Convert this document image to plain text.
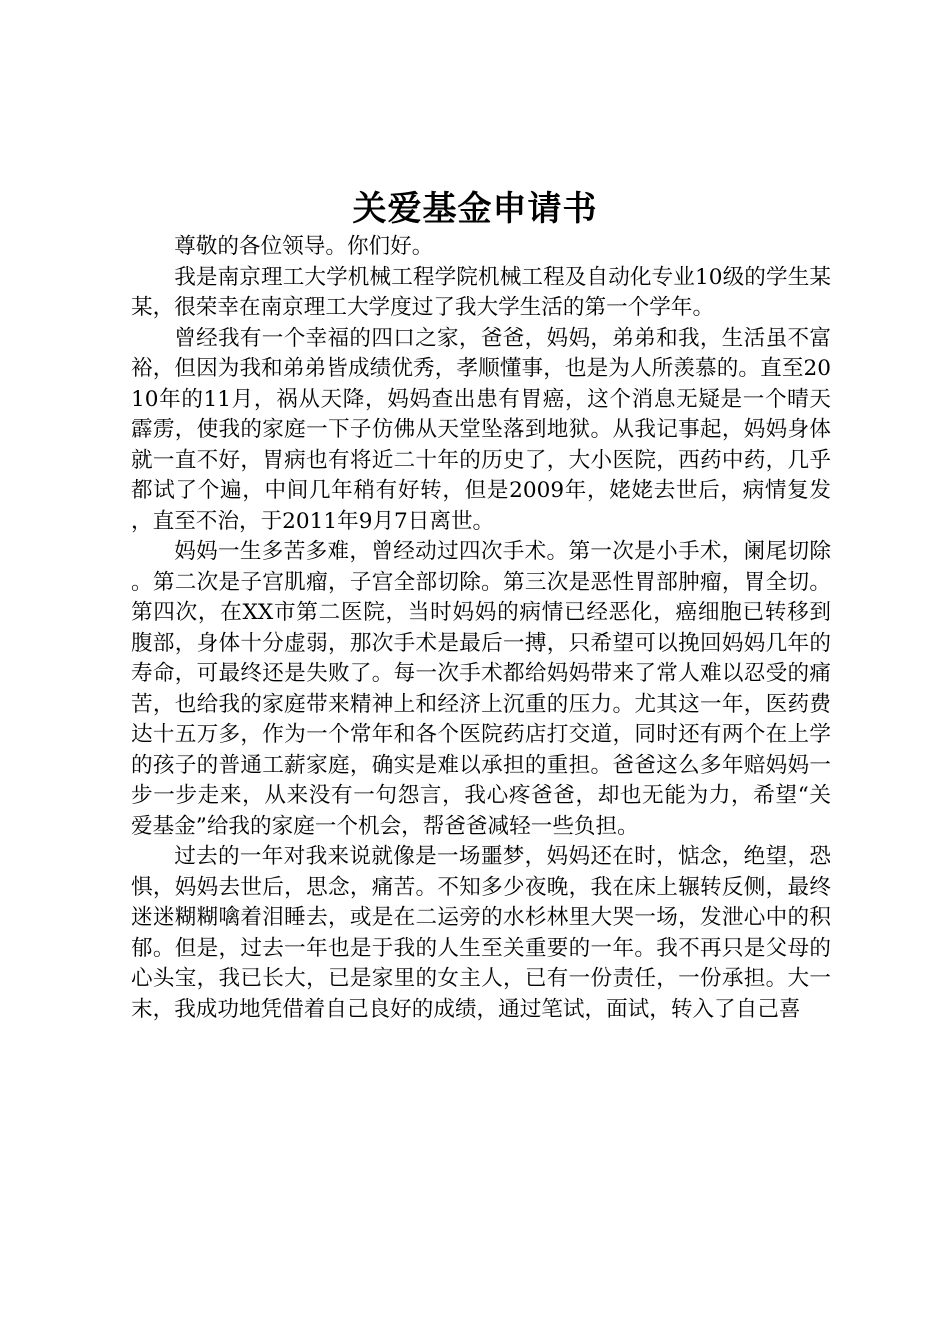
关爱基金申请书

尊敬的各位领导。你们好。

我是南京理工大学机械工程学院机械工程及自动化专业10级的学生某某，很荣幸在南京理工大学度过了我大学生活的第一个学年。

曾经我有一个幸福的四口之家，爸爸，妈妈，弟弟和我，生活虽不富裕，但因为我和弟弟皆成绩优秀，孝顺懂事，也是为人所羡慕的。直至2010年的11月，祸从天降，妈妈查出患有胃癌，这个消息无疑是一个晴天霹雳，使我的家庭一下子仿佛从天堂坠落到地狱。从我记事起，妈妈身体就一直不好，胃病也有将近二十年的历史了，大小医院，西药中药，几乎都试了个遍，中间几年稍有好转，但是2009年，姥姥去世后，病情复发，直至不治，于2011年9月7日离世。

妈妈一生多苦多难，曾经动过四次手术。第一次是小手术，阑尾切除。第二次是子宫肌瘤，子宫全部切除。第三次是恶性胃部肿瘤，胃全切。第四次，在XX市第二医院，当时妈妈的病情已经恶化，癌细胞已转移到腹部，身体十分虚弱，那次手术是最后一搏，只希望可以挽回妈妈几年的寿命，可最终还是失败了。每一次手术都给妈妈带来了常人难以忍受的痛苦，也给我的家庭带来精神上和经济上沉重的压力。尤其这一年，医药费达十五万多，作为一个常年和各个医院药店打交道，同时还有两个在上学的孩子的普通工薪家庭，确实是难以承担的重担。爸爸这么多年赔妈妈一步一步走来，从来没有一句怨言，我心疼爸爸，却也无能为力，希望“关爱基金”给我的家庭一个机会，帮爸爸减轻一些负担。

过去的一年对我来说就像是一场噩梦，妈妈还在时，惦念，绝望，恐惧，妈妈去世后，思念，痛苦。不知多少夜晚，我在床上辗转反侧，最终迷迷糊糊噙着泪睡去，或是在二运旁的水杉林里大哭一场，发泄心中的积郁。但是，过去一年也是于我的人生至关重要的一年。我不再只是父母的心头宝，我已长大，已是家里的女主人，已有一份责任，一份承担。大一末，我成功地凭借着自己良好的成绩，通过笔试，面试，转入了自己喜
